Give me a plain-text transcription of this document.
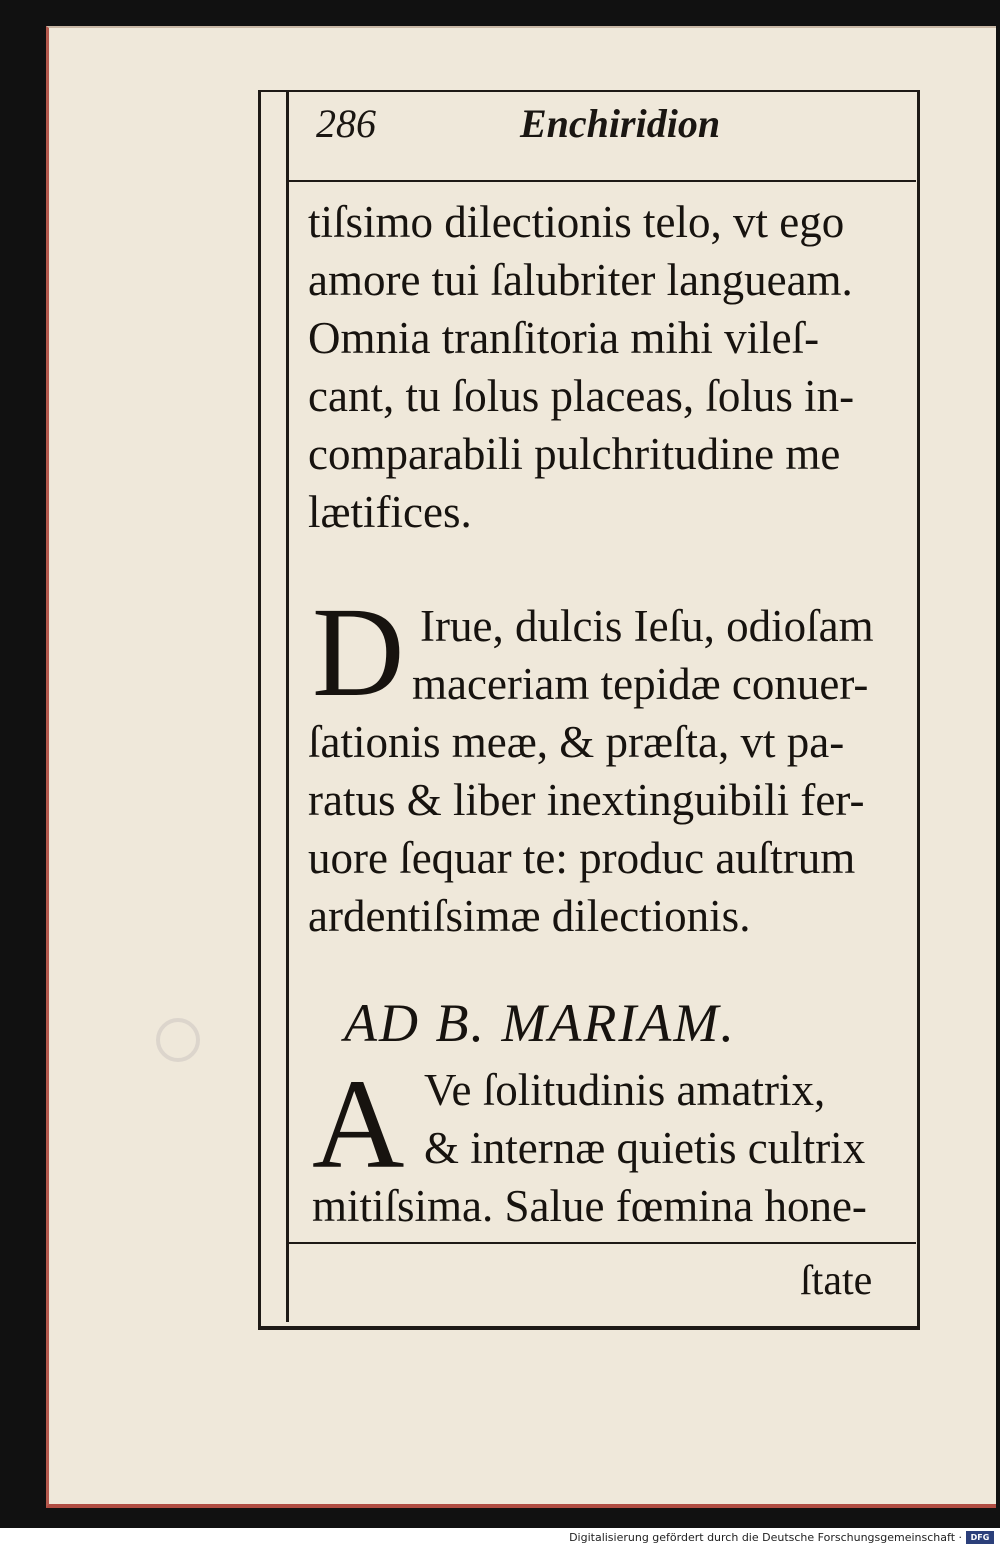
286	Enchiridion

tiſsimo dilectionis telo, vt ego

amore tui ſalubriter langueam.

Omnia tranſitoria mihi vileſ-

cant, tu ſolus placeas, ſolus in-

comparabili pulchritudine me

lætifices.

D Irue, dulcis Ieſu, odioſam

maceriam tepidæ conuer-

ſationis meæ, & præſta, vt pa-

ratus & liber inextinguibili fer-

uore ſequar te: produc auſtrum

ardentiſsimæ dilectionis.

AD B. MARIAM.

A Ve ſolitudinis amatrix,

& internæ quietis cultrix

mitiſsima. Salue fœmina hone-

ſtate

Digitalisierung gefördert durch die Deutsche Forschungsgemeinschaft ·	DFG
